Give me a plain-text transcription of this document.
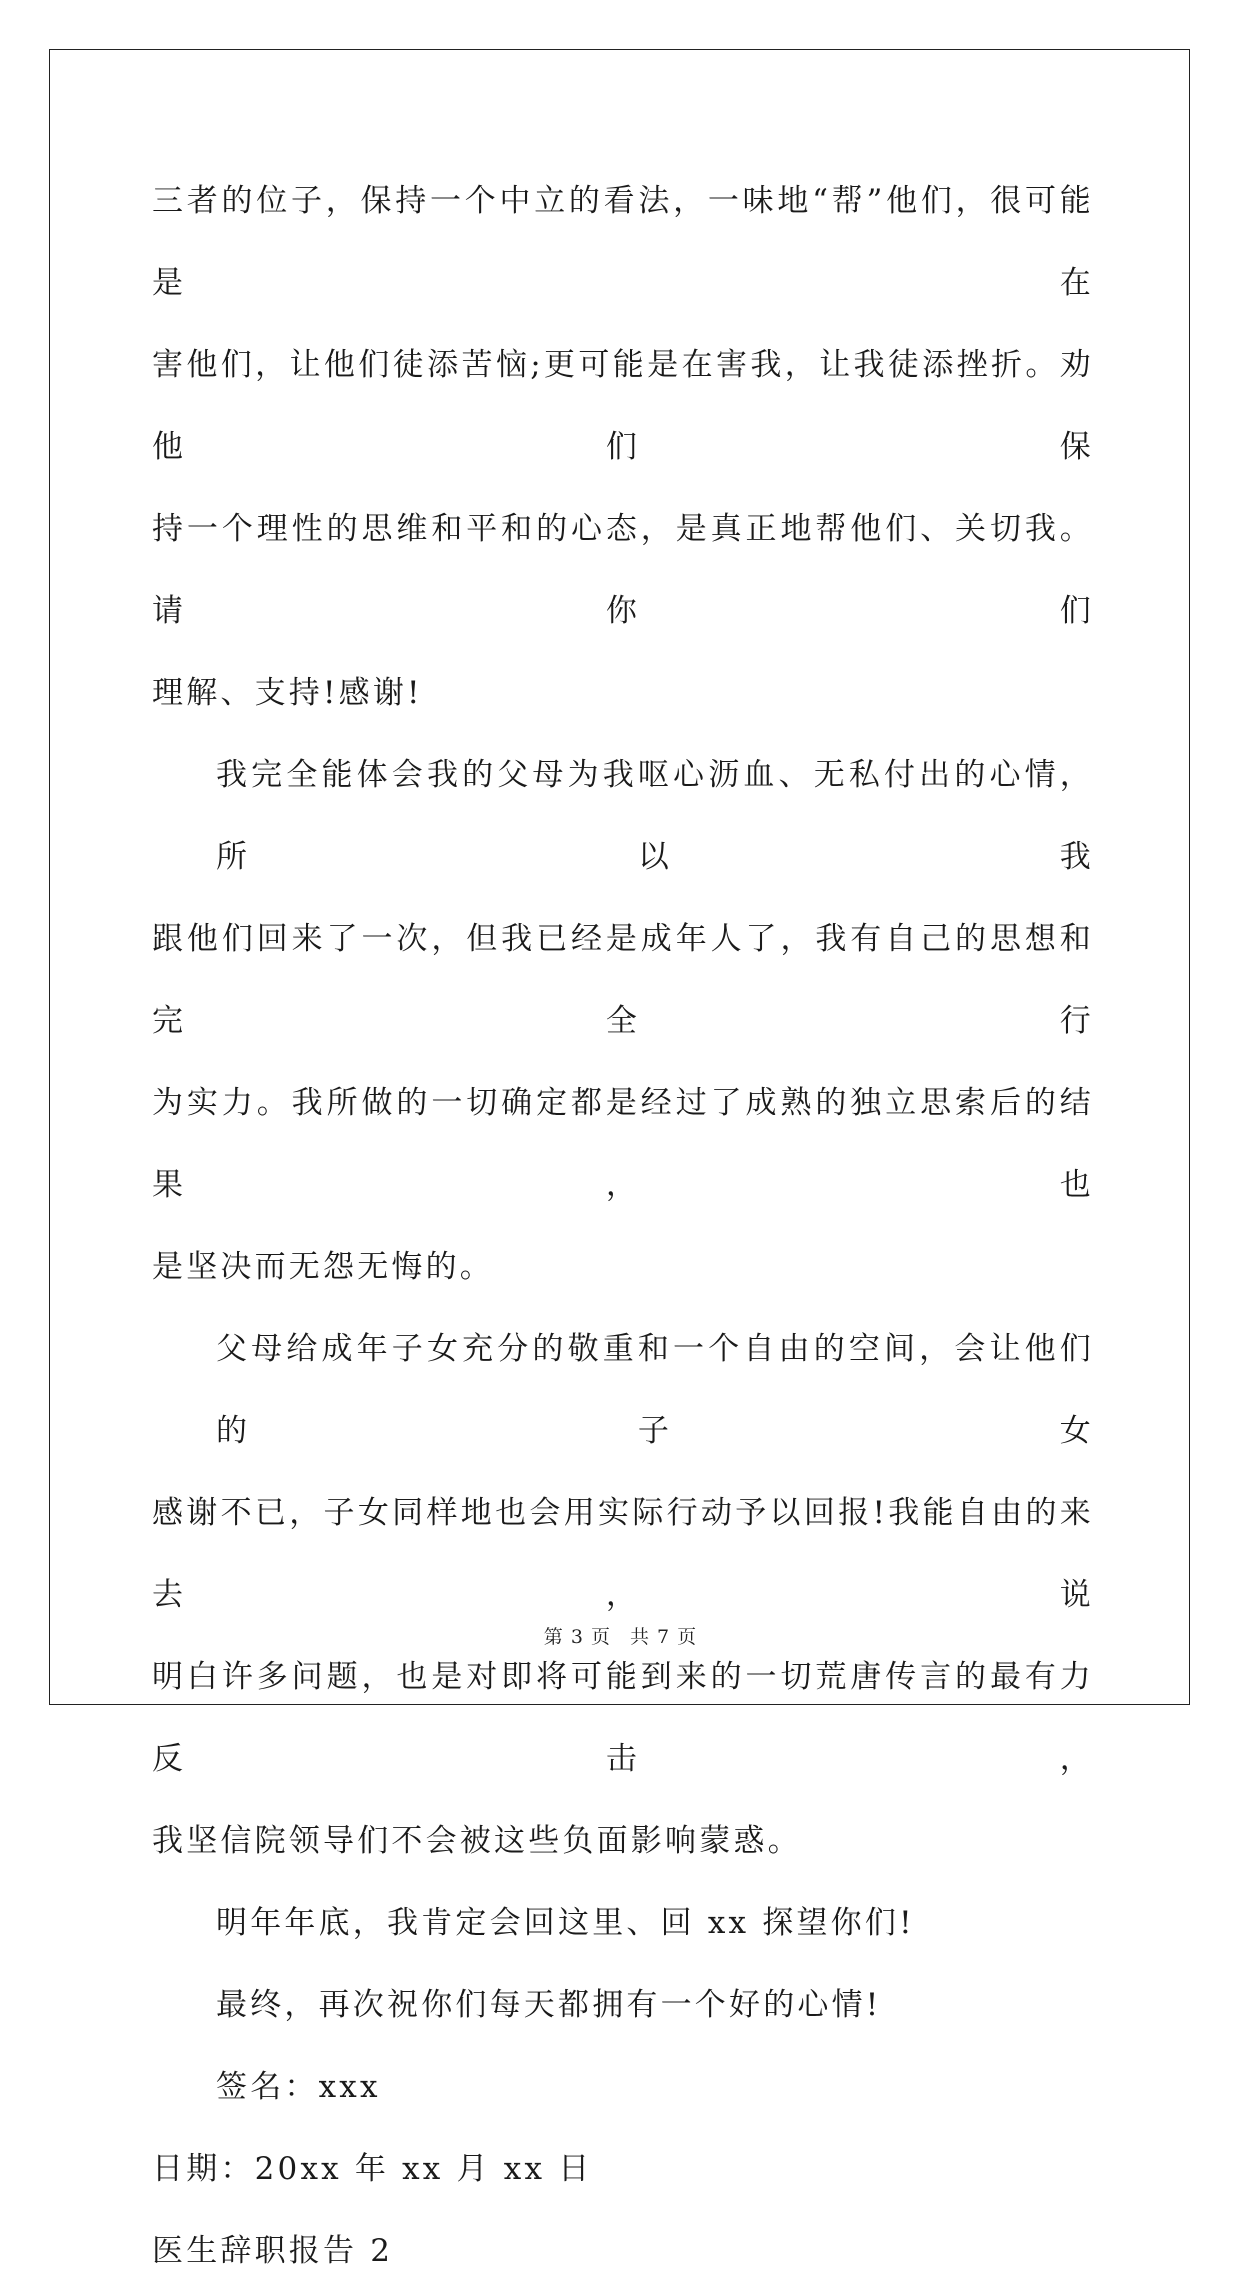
三者的位子，保持一个中立的看法，一味地“帮”他们，很可能是在
害他们，让他们徒添苦恼;更可能是在害我，让我徒添挫折。劝他们保
持一个理性的思维和平和的心态，是真正地帮他们、关切我。请你们
理解、支持!感谢!

我完全能体会我的父母为我呕心沥血、无私付出的心情，所以我
跟他们回来了一次，但我已经是成年人了，我有自己的思想和完全行
为实力。我所做的一切确定都是经过了成熟的独立思索后的结果，也
是坚决而无怨无悔的。

父母给成年子女充分的敬重和一个自由的空间，会让他们的子女
感谢不已，子女同样地也会用实际行动予以回报!我能自由的来去，说
明白许多问题，也是对即将可能到来的一切荒唐传言的最有力反击，
我坚信院领导们不会被这些负面影响蒙惑。

明年年底，我肯定会回这里、回 xx 探望你们!

最终，再次祝你们每天都拥有一个好的心情!

签名：xxx

日期：20xx 年 xx 月 xx 日

医生辞职报告 2

第 3 页 共 7 页
